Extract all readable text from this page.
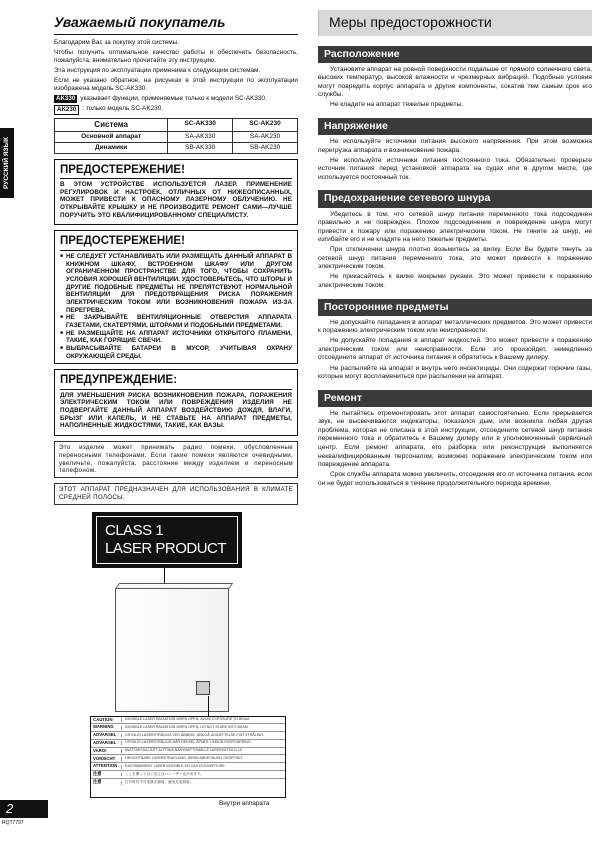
РУССКИЙ ЯЗЫК
Уважаемый покупатель

Благодарим Вас за покупку этой системы.

Чтобы получить оптимальное качество работы и обеспечить безопасность, пожалуйста, внимательно прочитайте эту инструкцию.

Эта инструкция по эксплуатации применима к следующим системам.

Если не указано обратное, на рисунках в этой инструкции по эксплуатации изображена модель SC-AK330.

AK330 указывает функции, применяемые только к модели SC-AK330.
AK230 : только модель SC-AK230.
Система	SC-AK330	SC-AK230
Основной аппарат	SA-AK330	SA-AK230
Динамики	SB-AK330	SB-AK230
ПРЕДОСТЕРЕЖЕНИЕ!

В ЭТОМ УСТРОЙСТВЕ ИСПОЛЬЗУЕТСЯ ЛАЗЕР. ПРИМЕНЕНИЕ РЕГУЛИРОВОК И НАСТРОЕК, ОТЛИЧНЫХ ОТ НИЖЕОПИСАННЫХ, МОЖЕТ ПРИВЕСТИ К ОПАСНОМУ ЛАЗЕРНОМУ ОБЛУЧЕНИЮ. НЕ ОТКРЫВАЙТЕ КРЫШКУ И НЕ ПРОИЗВОДИТЕ РЕМОНТ САМИ—ЛУЧШЕ ПОРУЧИТЬ ЭТО КВАЛИФИЦИРОВАННОМУ СПЕЦИАЛИСТУ.

ПРЕДОСТЕРЕЖЕНИЕ!
■ НЕ СЛЕДУЕТ УСТАНАВЛИВАТЬ ИЛИ РАЗМЕЩАТЬ ДАННЫЙ АППАРАТ В КНИЖНОМ ШКАФУ, ВСТРОЕННОМ ШКАФУ ИЛИ ДРУГОМ ОГРАНИЧЕННОМ ПРОСТРАНСТВЕ ДЛЯ ТОГО, ЧТОБЫ СОХРАНИТЬ УСЛОВИЯ ХОРОШЕЙ ВЕНТИЛЯЦИИ. УДОСТОВЕРЬТЕСЬ, ЧТО ШТОРЫ И ДРУГИЕ ПОДОБНЫЕ ПРЕДМЕТЫ НЕ ПРЕПЯТСТВУЮТ НОРМАЛЬНОЙ ВЕНТИЛЯЦИИ ДЛЯ ПРЕДОТВРАЩЕНИЯ РИСКА ПОРАЖЕНИЯ ЭЛЕКТРИЧЕСКИМ ТОКОМ ИЛИ ВОЗНИКНОВЕНИЯ ПОЖАРА ИЗ-ЗА ПЕРЕГРЕВА.
■ НЕ ЗАКРЫВАЙТЕ ВЕНТИЛЯЦИОННЫЕ ОТВЕРСТИЯ АППАРАТА ГАЗЕТАМИ, СКАТЕРТЯМИ, ШТОРАМИ И ПОДОБНЫМИ ПРЕДМЕТАМИ.
■ НЕ РАЗМЕЩАЙТЕ НА АППАРАТ ИСТОЧНИКИ ОТКРЫТОГО ПЛАМЕНИ, ТАКИЕ, КАК ГОРЯЩИЕ СВЕЧИ.
■ ВЫБРАСЫВАЙТЕ БАТАРЕИ В МУСОР, УЧИТЫВАЯ ОХРАНУ ОКРУЖАЮЩЕЙ СРЕДЫ.
ПРЕДУПРЕЖДЕНИЕ:

ДЛЯ УМЕНЬШЕНИЯ РИСКА ВОЗНИКНОВЕНИЯ ПОЖАРА, ПОРАЖЕНИЯ ЭЛЕКТРИЧЕСКИМ ТОКОМ ИЛИ ПОВРЕЖДЕНИЯ ИЗДЕЛИЯ НЕ ПОДВЕРГАЙТЕ ДАННЫЙ АППАРАТ ВОЗДЕЙСТВИЮ ДОЖДЯ, ВЛАГИ, БРЫЗГ ИЛИ КАПЕЛЬ, И НЕ СТАВЬТЕ НА АППАРАТ ПРЕДМЕТЫ, НАПОЛНЕННЫЕ ЖИДКОСТЯМИ, ТАКИЕ, КАК ВАЗЫ.

Это изделие может принимать радио помехи, обусловленные переносными телефонами. Если такие помехи являются очевидными, увеличьте, пожалуйста, расстояние между изделием и переносным телефоном.

ЭТОТ АППАРАТ ПРЕДНАЗНАЧЕН ДЛЯ ИСПОЛЬЗОВАНИЯ В КЛИМАТЕ СРЕДНЕЙ ПОЛОСЫ.

CLASS 1
LASER PRODUCT
CAUTION	INVISIBLE LASER RADIATION WHEN OPEN. AVOID EXPOSURE TO BEAM.
WARNING	INVISIBLE LASER RADIATION WHEN OPEN. DO NOT STARE INTO BEAM.
ADVARSEL	USYNLIG LASERSTRÅLING VED ÅBNING. UNDGÅ UDSÆTTELSE FOR STRÅLING.
ADVARSEL	USYNLIG LASERSTRÅLING NÅR DEKSEL ÅPNES. UNNGÅ EKSPONERING.
VARO!	AVATTAESSA OLET ALTTIINA NÄKYMÄTTÖMÄLLE LASERSÄTEILYLLE.
VORSICHT	UNSICHTBARE LASERSTRAHLUNG, WENN ABDECKUNG GEÖFFNET.
ATTENTION	RAYONNEMENT LASER INVISIBLE EN CAS D'OUVERTURE.
注意	ここを開くと目に見えないレーザー光が出ます。
注意	打开时有不可见激光辐射，避免光束照射。
Внутри аппарата
Меры предосторожности
Расположение

Установите аппарат на ровной поверхности подальше от прямого солнечного света, высоких температур, высокой влажности и чрезмерных вибраций. Подобные условия могут повредить корпус аппарата и другие компоненты, сокатив тем самым срок его службы.

Не кладите на аппарат тяжелые предметы.

Напряжение

Не используйте источники питания высокого напряжения. При этом возможна перегрузка аппарата и возникновение пожара.

Не используйте источники питания постоянного тока. Обязательно проверьте источник питания перед установкой аппарата на судах или в другом месте, где используется постоянный ток.

Предохранение сетевого шнура

Убедитесь в том, что сетевой шнур питания переменного тока подсоединен правильно и не поврежден. Плохое подсоединение и повреждение шнура могут привести к пожару или поражению электрическим током. Не тяните за шнур, не изгибайте его и не кладите на него тяжелые предметы.

При отключении шнура плотно возьмитесь за вилку. Если Вы будете тянуть за сетевой шнур питания переменного тока, это может привести к поражению электрическим током.

Не прикасайтесь к вилке мокрыми руками. Это может привести к поражению электрическим током.

Посторонние предметы

Не допускайте попадания в аппарат металлических предметов. Это может привести к поражению электрическим током или неисправности.

Не допускайте попадания в аппарат жидкостей. Это может привести к поражению электрическим током или неисправности. Если это произойдет, немедленно отсоедините аппарат от источника питания и обратитесь к Вашему дилеру.

Не распыляйте на аппарат и внутрь него инсектициды. Они содержат горючие газы, которые могут воспламениться при распылении на аппарат.

Ремонт

Не пытайтесь отремонтировать этот аппарат самостоятельно. Если прерывается звук, не высвечиваются индикаторы, показался дым, или возникла любая другая проблема, которая не описана в этой инструкции, отсоедините сетевой шнур питания переменного тока и обратитесь к Вашему дилеру или в уполномоченный сервисный центр. Если ремонт аппарата, его разборка или реконструкция выполняется неквалифицированным персоналом, возможно поражение электрическим током или повреждение аппарата.

Срок службы аппарата можно увеличить, отсоединяя его от источника питания, если он не будет использоваться в течение продолжительного периода времени.

2
RQT7797
